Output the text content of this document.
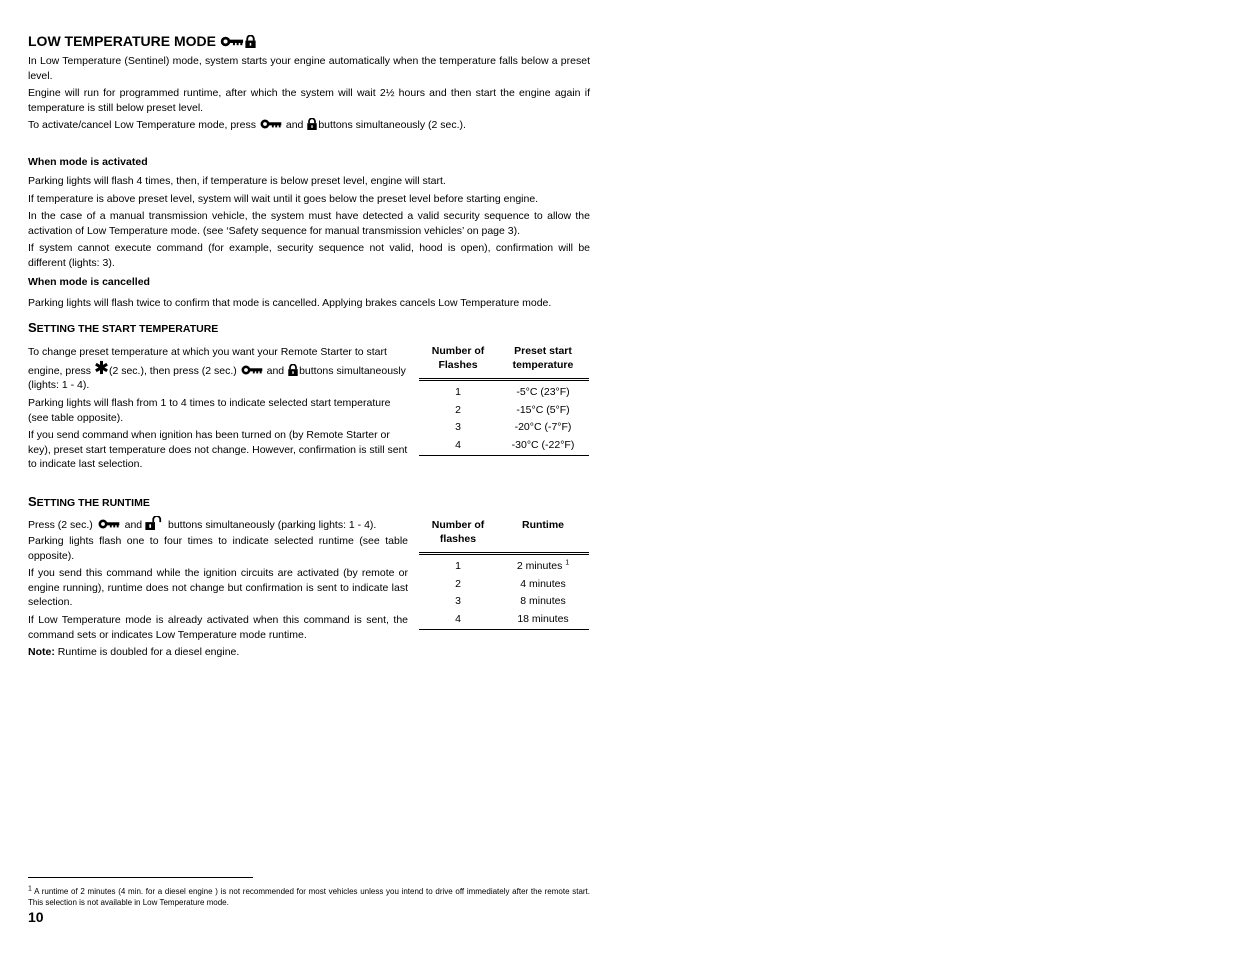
LOW TEMPERATURE MODE

In Low Temperature (Sentinel) mode, system starts your engine automatically when the temperature falls below a preset level.

Engine will run for programmed runtime, after which the system will wait 2½ hours and then start the engine again if temperature is still below preset level.

To activate/cancel Low Temperature mode, press	and buttons simultaneously (2 sec.).

When mode is activated

Parking lights will flash 4 times, then, if temperature is below preset level, engine will start.

If temperature is above preset level, system will wait until it goes below the preset level before starting engine.

In the case of a manual transmission vehicle, the system must have detected a valid security sequence to allow the activation of Low Temperature mode. (see ‘Safety sequence for manual transmission vehicles’ on page 3).

If system cannot execute command (for example, security sequence not valid, hood is open), confirmation will be different (lights: 3).

When mode is cancelled

Parking lights will flash twice to confirm that mode is cancelled. Applying brakes cancels Low Temperature mode.

SETTING THE START TEMPERATURE

To change preset temperature at which you want your Remote Starter to start engine, press (2 sec.), then press (2 sec.)	and buttons simultaneously (lights: 1 - 4).

Parking lights will flash from 1 to 4 times to indicate selected start temperature (see table opposite).

If you send command when ignition has been turned on (by Remote Starter or key), preset start temperature does not change. However, confirmation is still sent to indicate last selection.

Number of Flashes	Preset start temperature
1	-5°C (23°F)
2	-15°C (5°F)
3	-20°C (-7°F)
4	-30°C (-22°F)
SETTING THE RUNTIME

Press (2 sec.)	and buttons simultaneously (parking lights: 1 - 4).

Parking lights flash one to four times to indicate selected runtime (see table opposite).

If you send this command while the ignition circuits are activated (by remote or engine running), runtime does not change but confirmation is sent to indicate last selection.

If Low Temperature mode is already activated when this command is sent, the command sets or indicates Low Temperature mode runtime.

Note: Runtime is doubled for a diesel engine.

Number of flashes	Runtime
1	2 minutes $^1$
2	4 minutes
3	8 minutes
4	18 minutes

$^1$ A runtime of 2 minutes (4 min. for a diesel engine ) is not recommended for most vehicles unless you intend to drive off immediately after the remote start. This selection is not available in Low Temperature mode.

10
